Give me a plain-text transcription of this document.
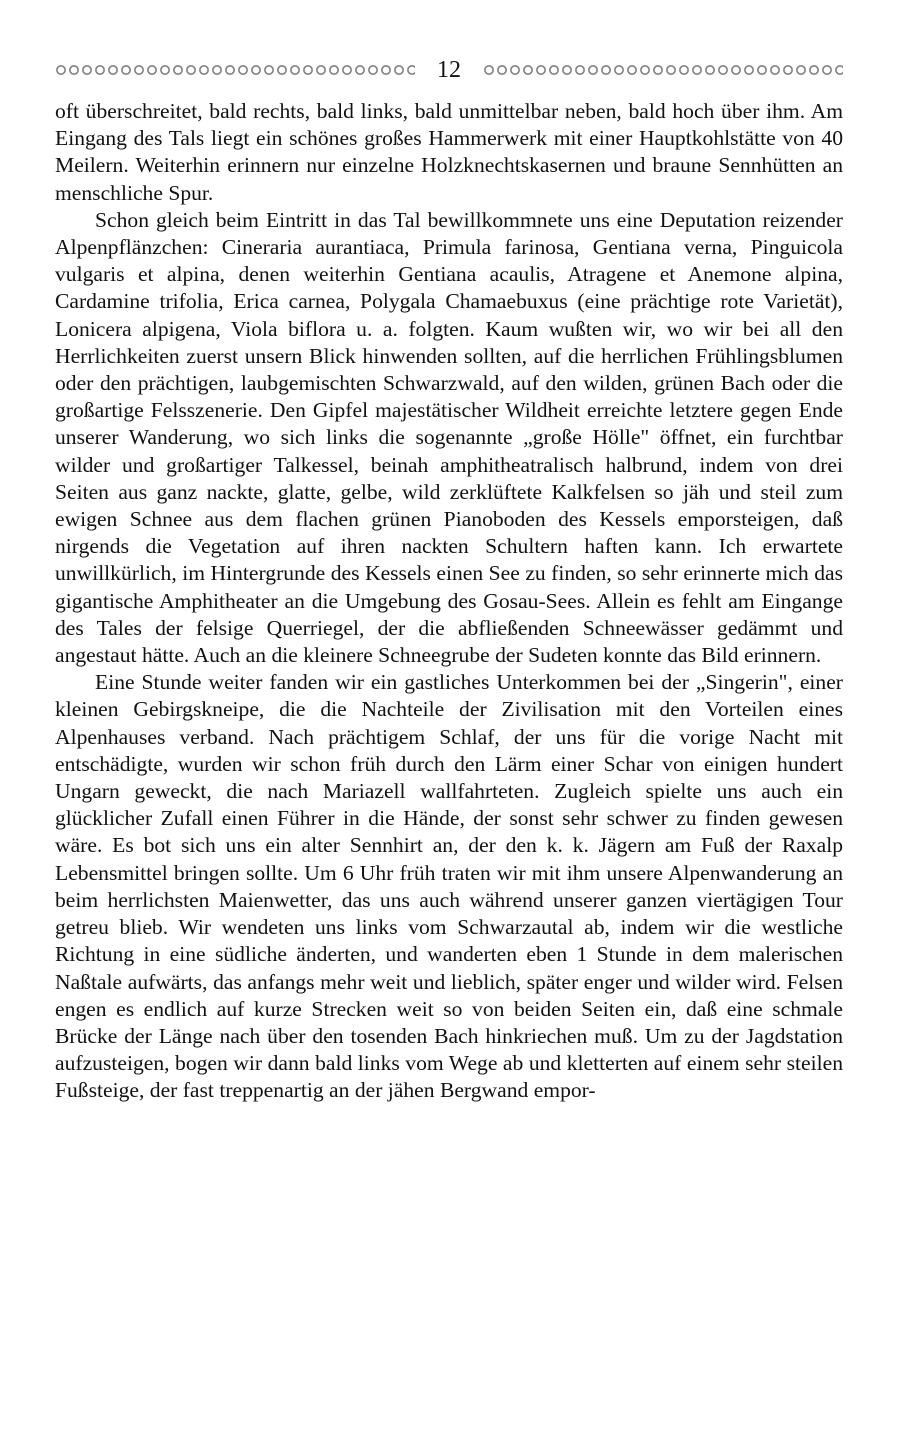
12

oft überschreitet, bald rechts, bald links, bald unmittelbar neben, bald hoch über ihm. Am Eingang des Tals liegt ein schönes großes Hammerwerk mit einer Hauptkohlstätte von 40 Meilern. Weiterhin erinnern nur einzelne Holzknechtskasernen und braune Sennhütten an menschliche Spur.

Schon gleich beim Eintritt in das Tal bewillkommnete uns eine Deputation reizender Alpenpflänzchen: Cineraria aurantiaca, Primula farinosa, Gentiana verna, Pinguicola vulgaris et alpina, denen weiterhin Gentiana acaulis, Atragene et Anemone alpina, Cardamine trifolia, Erica carnea, Polygala Chamaebuxus (eine prächtige rote Varietät), Lonicera alpigena, Viola biflora u. a. folgten. Kaum wußten wir, wo wir bei all den Herrlichkeiten zuerst unsern Blick hinwenden sollten, auf die herrlichen Frühlingsblumen oder den prächtigen, laubgemischten Schwarzwald, auf den wilden, grünen Bach oder die großartige Felsszenerie. Den Gipfel majestätischer Wildheit erreichte letztere gegen Ende unserer Wanderung, wo sich links die sogenannte „große Hölle" öffnet, ein furchtbar wilder und großartiger Talkessel, beinah amphitheatralisch halbrund, indem von drei Seiten aus ganz nackte, glatte, gelbe, wild zerklüftete Kalkfelsen so jäh und steil zum ewigen Schnee aus dem flachen grünen Pianoboden des Kessels emporsteigen, daß nirgends die Vegetation auf ihren nackten Schultern haften kann. Ich erwartete unwillkürlich, im Hintergrunde des Kessels einen See zu finden, so sehr erinnerte mich das gigantische Amphitheater an die Umgebung des Gosau-Sees. Allein es fehlt am Eingange des Tales der felsige Querriegel, der die abfließenden Schneewässer gedämmt und angestaut hätte. Auch an die kleinere Schneegrube der Sudeten konnte das Bild erinnern.

Eine Stunde weiter fanden wir ein gastliches Unterkommen bei der „Singerin", einer kleinen Gebirgskneipe, die die Nachteile der Zivilisation mit den Vorteilen eines Alpenhauses verband. Nach prächtigem Schlaf, der uns für die vorige Nacht mit entschädigte, wurden wir schon früh durch den Lärm einer Schar von einigen hundert Ungarn geweckt, die nach Mariazell wallfahrteten. Zugleich spielte uns auch ein glücklicher Zufall einen Führer in die Hände, der sonst sehr schwer zu finden gewesen wäre. Es bot sich uns ein alter Sennhirt an, der den k. k. Jägern am Fuß der Raxalp Lebensmittel bringen sollte. Um 6 Uhr früh traten wir mit ihm unsere Alpenwanderung an beim herrlichsten Maienwetter, das uns auch während unserer ganzen viertägigen Tour getreu blieb. Wir wendeten uns links vom Schwarzautal ab, indem wir die westliche Richtung in eine südliche änderten, und wanderten eben 1 Stunde in dem malerischen Naßtale aufwärts, das anfangs mehr weit und lieblich, später enger und wilder wird. Felsen engen es endlich auf kurze Strecken weit so von beiden Seiten ein, daß eine schmale Brücke der Länge nach über den tosenden Bach hinkriechen muß. Um zu der Jagdstation aufzusteigen, bogen wir dann bald links vom Wege ab und kletterten auf einem sehr steilen Fußsteige, der fast treppenartig an der jähen Bergwand empor-
